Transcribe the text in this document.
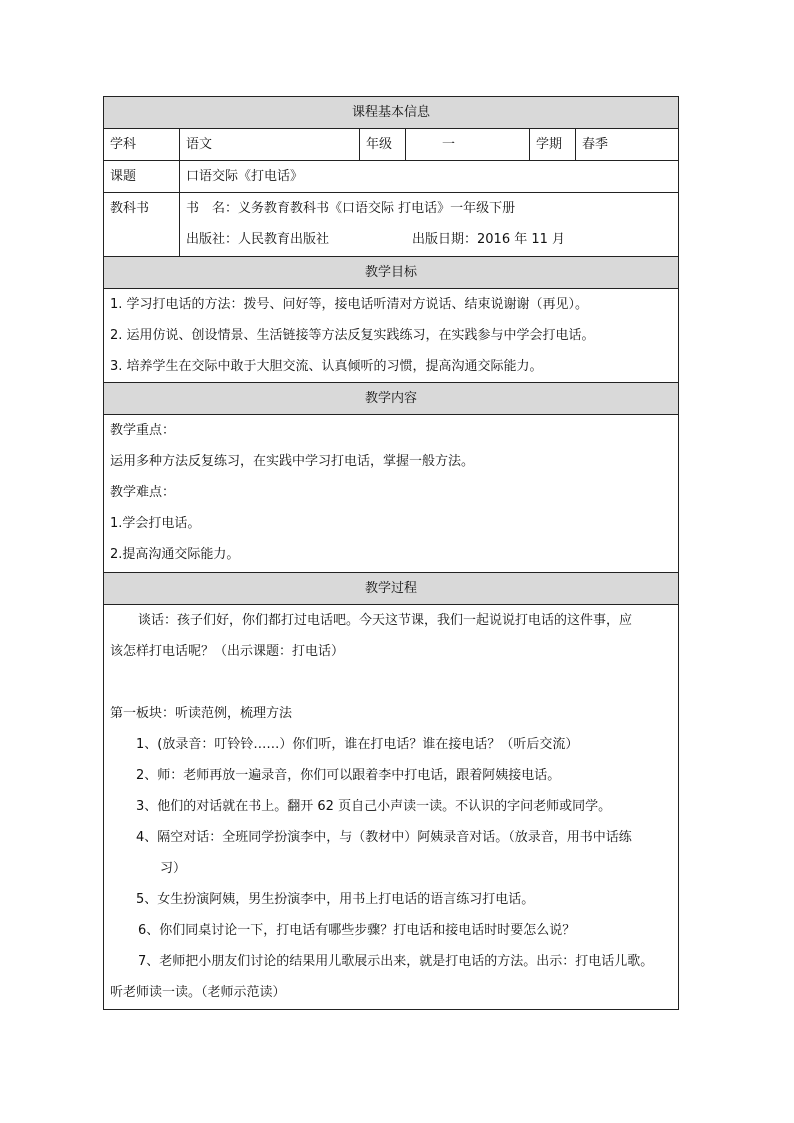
课程基本信息
学科	语文	年级	一	学期	春季
课题	口语交际《打电话》
教科书	书　名：义务教育教科书《口语交际 打电话》一年级下册
出版社：人民教育出版社	出版日期：2016 年 11 月
教学目标
1. 学习打电话的方法：拨号、问好等，接电话听清对方说话、结束说谢谢（再见）。
2. 运用仿说、创设情景、生活链接等方法反复实践练习，在实践参与中学会打电话。
3. 培养学生在交际中敢于大胆交流、认真倾听的习惯，提高沟通交际能力。
教学内容
教学重点：
运用多种方法反复练习，在实践中学习打电话，掌握一般方法。
教学难点：
1.学会打电话。
2.提高沟通交际能力。
教学过程
谈话：孩子们好，你们都打过电话吧。今天这节课，我们一起说说打电话的这件事，应
该怎样打电话呢？（出示课题：打电话）
第一板块：听读范例，梳理方法
1、(放录音：叮铃铃……）你们听，谁在打电话？谁在接电话？（听后交流）
2、师：老师再放一遍录音，你们可以跟着李中打电话，跟着阿姨接电话。
3、他们的对话就在书上。翻开 62 页自己小声读一读。不认识的字问老师或同学。
4、隔空对话：全班同学扮演李中，与（教材中）阿姨录音对话。（放录音，用书中话练
习）
5、女生扮演阿姨，男生扮演李中，用书上打电话的语言练习打电话。
6、你们同桌讨论一下，打电话有哪些步骤？打电话和接电话时时要怎么说？
7、老师把小朋友们讨论的结果用儿歌展示出来，就是打电话的方法。出示：打电话儿歌。
听老师读一读。（老师示范读）
